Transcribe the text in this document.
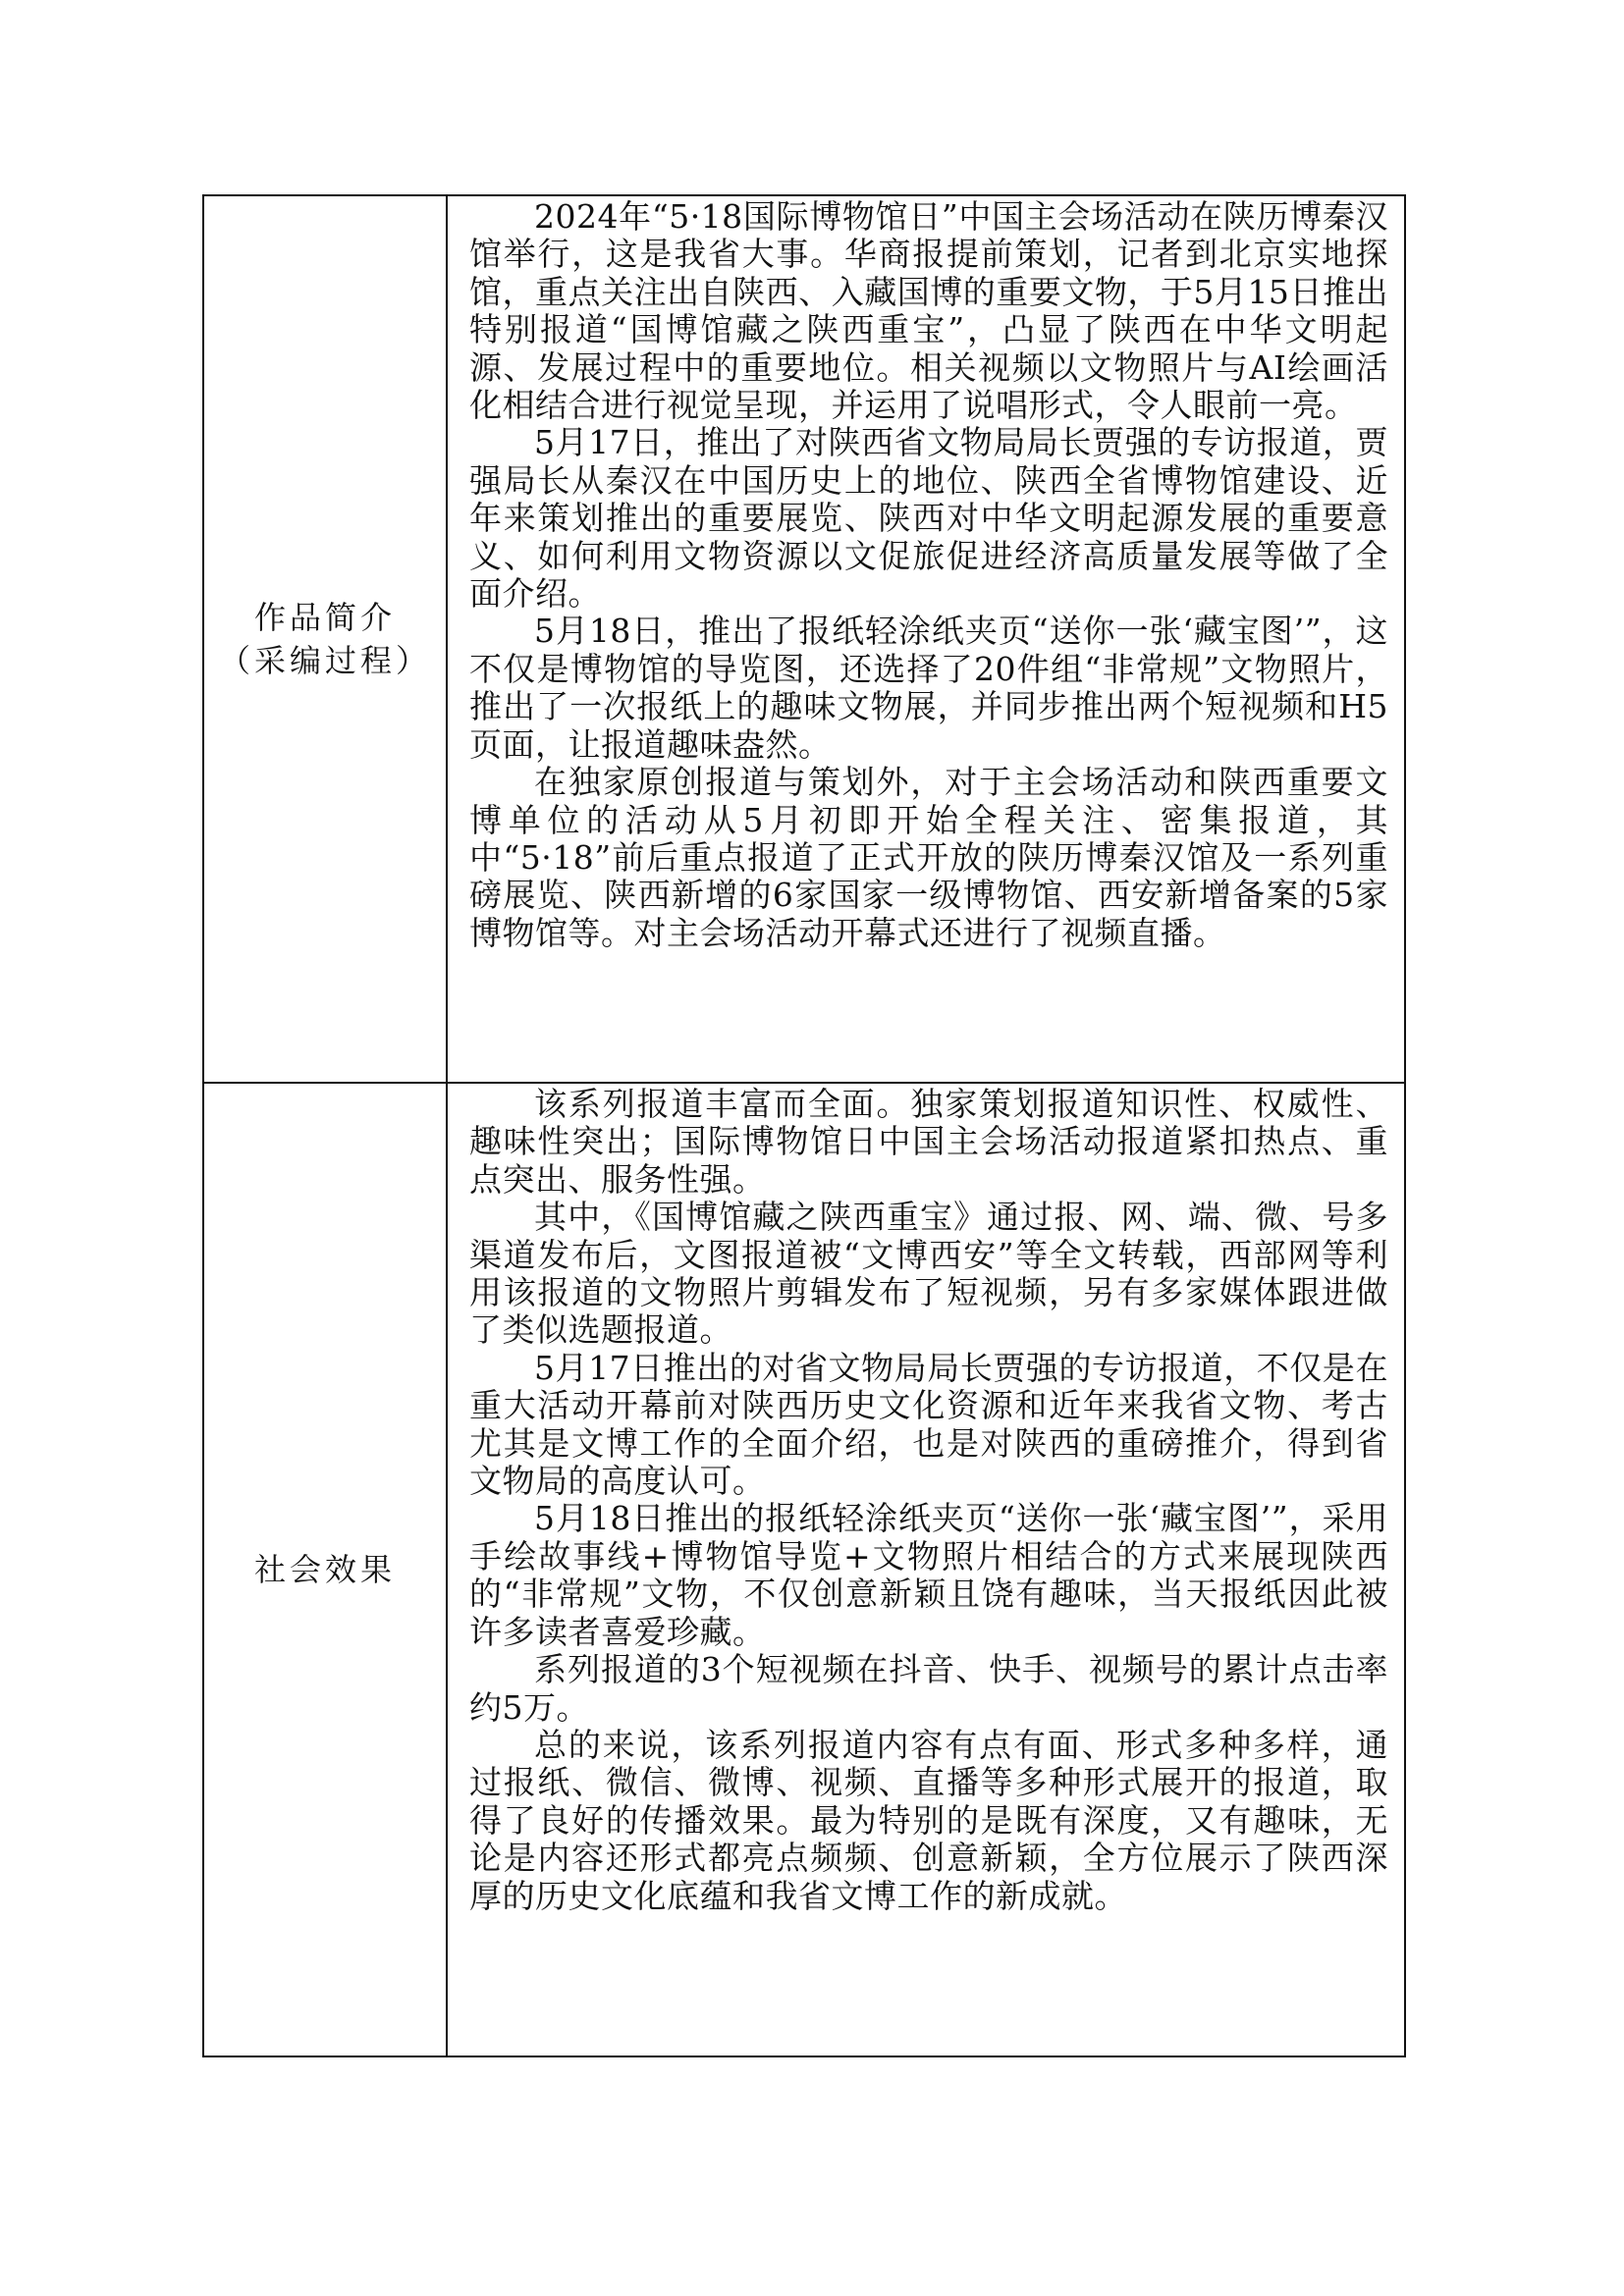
作品简介
（采编过程）

2024年“5·18国际博物馆日”中国主会场活动在陕历博秦汉馆举行，这是我省大事。华商报提前策划，记者到北京实地探馆，重点关注出自陕西、入藏国博的重要文物，于5月15日推出特别报道“国博馆藏之陕西重宝”，凸显了陕西在中华文明起源、发展过程中的重要地位。相关视频以文物照片与AI绘画活化相结合进行视觉呈现，并运用了说唱形式，令人眼前一亮。

5月17日，推出了对陕西省文物局局长贾强的专访报道，贾强局长从秦汉在中国历史上的地位、陕西全省博物馆建设、近年来策划推出的重要展览、陕西对中华文明起源发展的重要意义、如何利用文物资源以文促旅促进经济高质量发展等做了全面介绍。

5月18日，推出了报纸轻涂纸夹页“送你一张‘藏宝图’”，这不仅是博物馆的导览图，还选择了20件组“非常规”文物照片，推出了一次报纸上的趣味文物展，并同步推出两个短视频和H5页面，让报道趣味盎然。

在独家原创报道与策划外，对于主会场活动和陕西重要文博单位的活动从5月初即开始全程关注、密集报道，其中“5·18”前后重点报道了正式开放的陕历博秦汉馆及一系列重磅展览、陕西新增的6家国家一级博物馆、西安新增备案的5家博物馆等。对主会场活动开幕式还进行了视频直播。

社会效果

该系列报道丰富而全面。独家策划报道知识性、权威性、趣味性突出；国际博物馆日中国主会场活动报道紧扣热点、重点突出、服务性强。

其中，《国博馆藏之陕西重宝》通过报、网、端、微、号多渠道发布后，文图报道被“文博西安”等全文转载，西部网等利用该报道的文物照片剪辑发布了短视频，另有多家媒体跟进做了类似选题报道。

5月17日推出的对省文物局局长贾强的专访报道，不仅是在重大活动开幕前对陕西历史文化资源和近年来我省文物、考古尤其是文博工作的全面介绍，也是对陕西的重磅推介，得到省文物局的高度认可。

5月18日推出的报纸轻涂纸夹页“送你一张‘藏宝图’”，采用手绘故事线+博物馆导览+文物照片相结合的方式来展现陕西的“非常规”文物，不仅创意新颖且饶有趣味，当天报纸因此被许多读者喜爱珍藏。

系列报道的3个短视频在抖音、快手、视频号的累计点击率约5万。

总的来说，该系列报道内容有点有面、形式多种多样，通过报纸、微信、微博、视频、直播等多种形式展开的报道，取得了良好的传播效果。最为特别的是既有深度，又有趣味，无论是内容还形式都亮点频频、创意新颖，全方位展示了陕西深厚的历史文化底蕴和我省文博工作的新成就。
